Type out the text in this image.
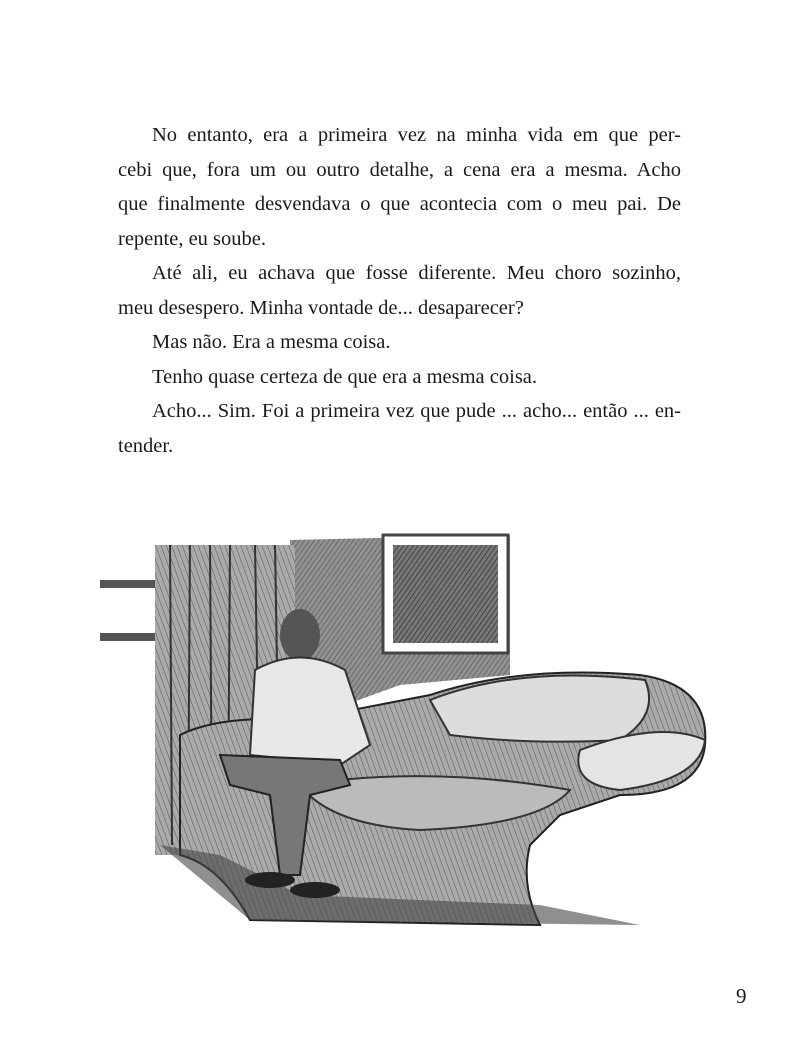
No entanto, era a primeira vez na minha vida em que per-
cebi que, fora um ou outro detalhe, a cena era a mesma. Acho
que finalmente desvendava o que acontecia com o meu pai. De
repente, eu soube.
Até ali, eu achava que fosse diferente. Meu choro sozinho,
meu desespero. Minha vontade de... desaparecer?
Mas não. Era a mesma coisa.
Tenho quase certeza de que era a mesma coisa.
Acho... Sim. Foi a primeira vez que pude ... acho... então ... en-
tender.
9
